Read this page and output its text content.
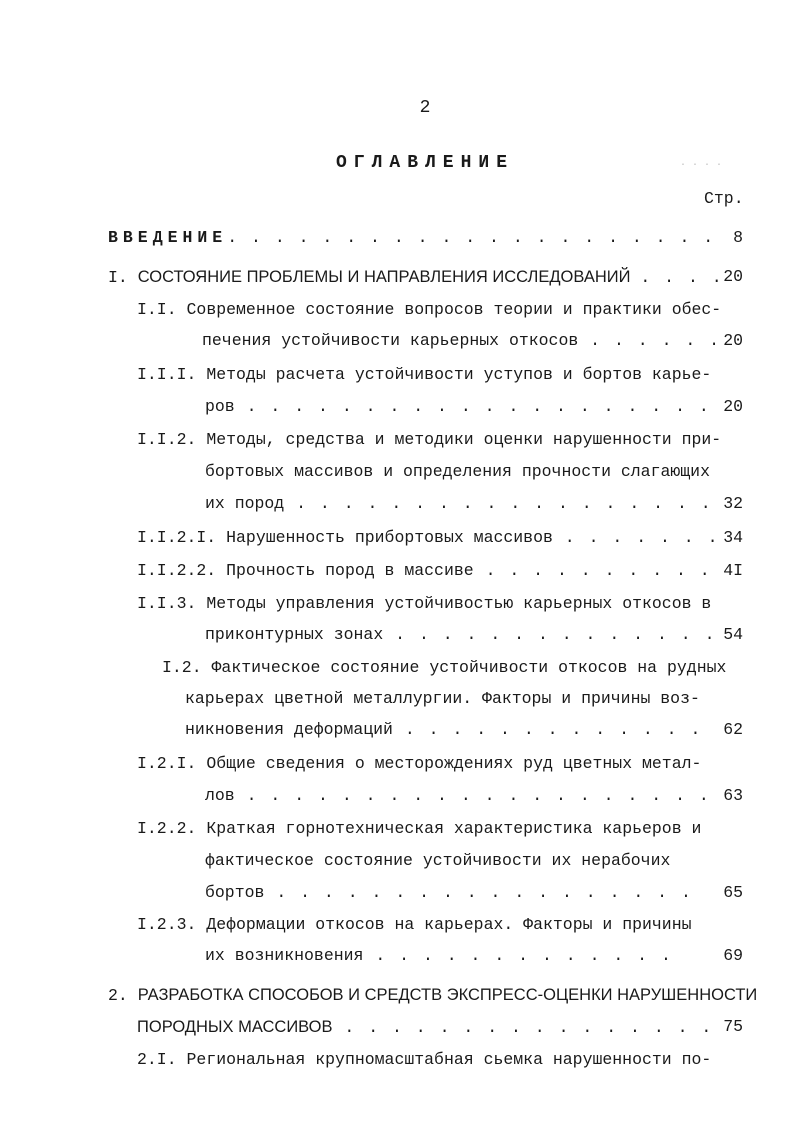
2
ОГЛАВЛЕНИЕ
Стр.
· · · ·
ВВЕДЕНИЕ. . . . . . . . . . . . . . . . . . . . . 8
I. СОСТОЯНИЕ ПРОБЛЕМЫ И НАПРАВЛЕНИЯ ИССЛЕДОВАНИЙ . . . . 20
I.I. Современное состояние вопросов теории и практики обес-
печения устойчивости карьерных откосов . . . . . . 20
I.I.I. Методы расчета устойчивости уступов и бортов карье-
ров . . . . . . . . . . . . . . . . . . . . 20
I.I.2. Методы, средства и методики оценки нарушенности при-
бортовых массивов и определения прочности слагающих
их пород . . . . . . . . . . . . . . . . . . 32
I.I.2.I. Нарушенность прибортовых массивов . . . . . . . 34
I.I.2.2. Прочность пород в массиве . . . . . . . . . . 4I
I.I.3. Методы управления устойчивостью карьерных откосов в
приконтурных зонах . . . . . . . . . . . . . . 54
I.2. Фактическое состояние устойчивости откосов на рудных
карьерах цветной металлургии. Факторы и причины воз-
никновения деформаций . . . . . . . . . . . . . 62
I.2.I. Общие сведения о месторождениях руд цветных метал-
лов . . . . . . . . . . . . . . . . . . . . 63
I.2.2. Краткая горнотехническая характеристика карьеров и
фактическое состояние устойчивости их нерабочих
бортов . . . . . . . . . . . . . . . . . . 65
I.2.3. Деформации откосов на карьерах. Факторы и причины
их возникновения . . . . . . . . . . . . .	69
2. РАЗРАБОТКА СПОСОБОВ И СРЕДСТВ ЭКСПРЕСС-ОЦЕНКИ НАРУШЕННОСТИ
ПОРОДНЫХ МАССИВОВ . . . . . . . . . . . . . . . . 75
2.I. Региональная крупномасштабная сьемка нарушенности по-
